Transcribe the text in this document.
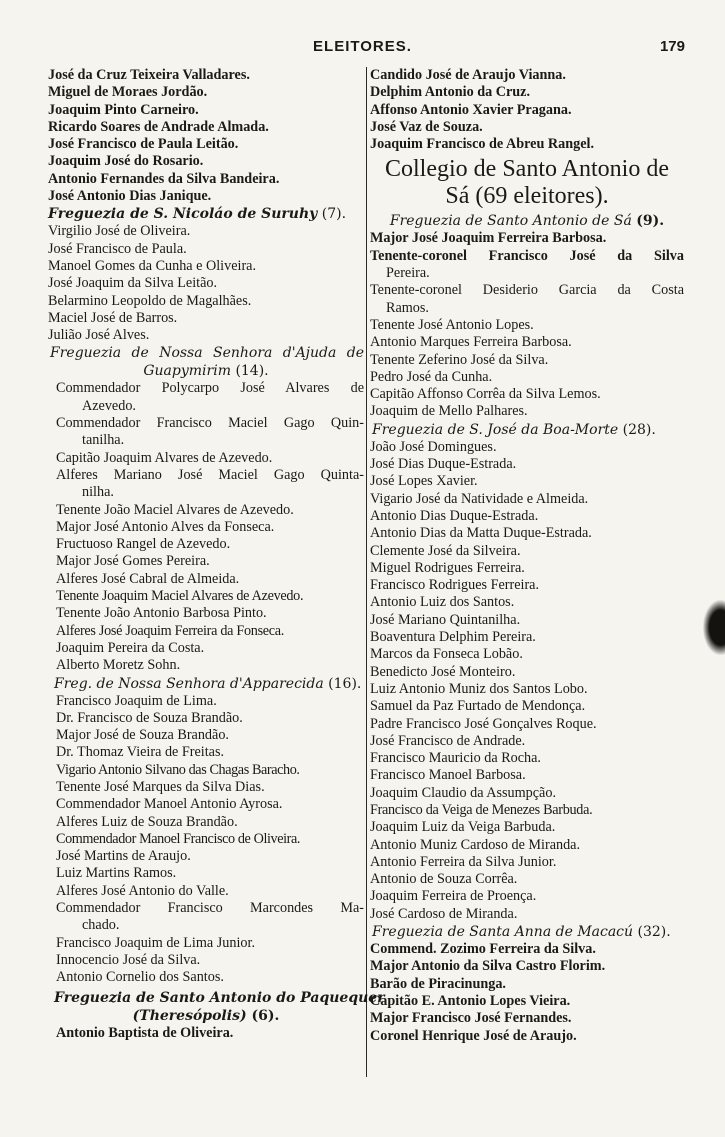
ELEITORES.	179
José da Cruz Teixeira Valladares.
Miguel de Moraes Jordão.
Joaquim Pinto Carneiro.
Ricardo Soares de Andrade Almada.
José Francisco de Paula Leitão.
Joaquim José do Rosario.
Antonio Fernandes da Silva Bandeira.
José Antonio Dias Janique.
Freguezia de S. Nicoláo de Suruhy (7).
Virgilio José de Oliveira.
José Francisco de Paula.
Manoel Gomes da Cunha e Oliveira.
José Joaquim da Silva Leitão.
Belarmino Leopoldo de Magalhães.
Maciel José de Barros.
Julião José Alves.
Freguezia de Nossa Senhora d'Ajuda de
Guapymirim (14).
Commendador Polycarpo José Alvares de
Azevedo.
Commendador Francisco Maciel Gago Quin-
tanilha.
Capitão Joaquim Alvares de Azevedo.
Alferes Mariano José Maciel Gago Quinta-
nilha.
Tenente João Maciel Alvares de Azevedo.
Major José Antonio Alves da Fonseca.
Fructuoso Rangel de Azevedo.
Major José Gomes Pereira.
Alferes José Cabral de Almeida.
Tenente Joaquim Maciel Alvares de Azevedo.
Tenente João Antonio Barbosa Pinto.
Alferes José Joaquim Ferreira da Fonseca.
Joaquim Pereira da Costa.
Alberto Moretz Sohn.
Freg. de Nossa Senhora d'Apparecida (16).
Francisco Joaquim de Lima.
Dr. Francisco de Souza Brandão.
Major José de Souza Brandão.
Dr. Thomaz Vieira de Freitas.
Vigario Antonio Silvano das Chagas Baracho.
Tenente José Marques da Silva Dias.
Commendador Manoel Antonio Ayrosa.
Alferes Luiz de Souza Brandão.
Commendador Manoel Francisco de Oliveira.
José Martins de Araujo.
Luiz Martins Ramos.
Alferes José Antonio do Valle.
Commendador Francisco Marcondes Ma-
chado.
Francisco Joaquim de Lima Junior.
Innocencio José da Silva.
Antonio Cornelio dos Santos.
Freguezia de Santo Antonio do Paquequer
(Theresópolis) (6).
Antonio Baptista de Oliveira.
Candido José de Araujo Vianna.
Delphim Antonio da Cruz.
Affonso Antonio Xavier Pragana.
José Vaz de Souza.
Joaquim Francisco de Abreu Rangel.
Collegio de Santo Antonio de
Sá (69 eleitores).
Freguezia de Santo Antonio de Sá (9).
Major José Joaquim Ferreira Barbosa.
Tenente-coronel Francisco José da Silva
Pereira.
Tenente-coronel Desiderio Garcia da Costa
Ramos.
Tenente José Antonio Lopes.
Antonio Marques Ferreira Barbosa.
Tenente Zeferino José da Silva.
Pedro José da Cunha.
Capitão Affonso Corrêa da Silva Lemos.
Joaquim de Mello Palhares.
Freguezia de S. José da Boa-Morte (28).
João José Domingues.
José Dias Duque-Estrada.
José Lopes Xavier.
Vigario José da Natividade e Almeida.
Antonio Dias Duque-Estrada.
Antonio Dias da Matta Duque-Estrada.
Clemente José da Silveira.
Miguel Rodrigues Ferreira.
Francisco Rodrigues Ferreira.
Antonio Luiz dos Santos.
José Mariano Quintanilha.
Boaventura Delphim Pereira.
Marcos da Fonseca Lobão.
Benedicto José Monteiro.
Luiz Antonio Muniz dos Santos Lobo.
Samuel da Paz Furtado de Mendonça.
Padre Francisco José Gonçalves Roque.
José Francisco de Andrade.
Francisco Mauricio da Rocha.
Francisco Manoel Barbosa.
Joaquim Claudio da Assumpção.
Francisco da Veiga de Menezes Barbuda.
Joaquim Luiz da Veiga Barbuda.
Antonio Muniz Cardoso de Miranda.
Antonio Ferreira da Silva Junior.
Antonio de Souza Corrêa.
Joaquim Ferreira de Proença.
José Cardoso de Miranda.
Freguezia de Santa Anna de Macacú (32).
Commend. Zozimo Ferreira da Silva.
Major Antonio da Silva Castro Florim.
Barão de Piracinunga.
Capitão E. Antonio Lopes Vieira.
Major Francisco José Fernandes.
Coronel Henrique José de Araujo.
